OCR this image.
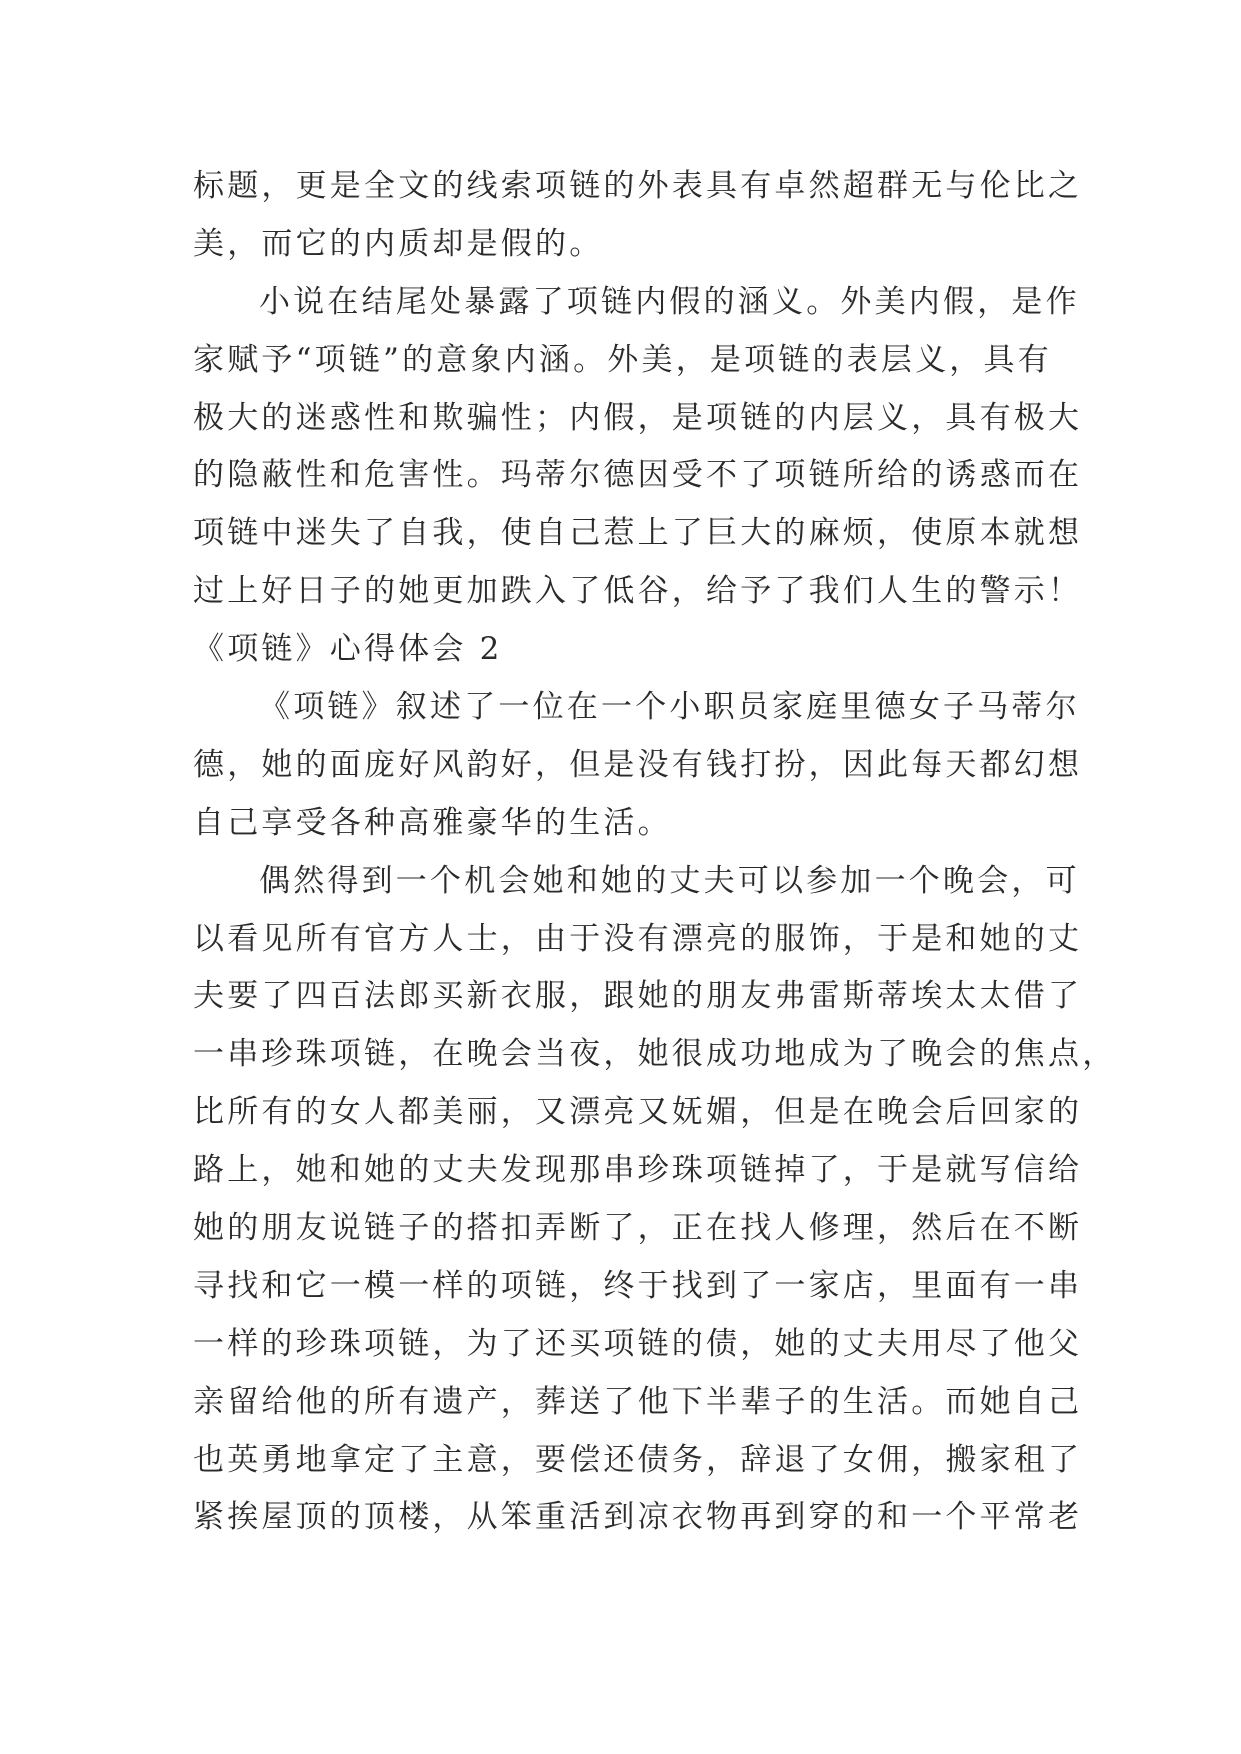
标题，更是全文的线索项链的外表具有卓然超群无与伦比之
美，而它的内质却是假的。
小说在结尾处暴露了项链内假的涵义。外美内假，是作
家赋予“项链”的意象内涵。外美，是项链的表层义，具有
极大的迷惑性和欺骗性；内假，是项链的内层义，具有极大
的隐蔽性和危害性。玛蒂尔德因受不了项链所给的诱惑而在
项链中迷失了自我，使自己惹上了巨大的麻烦，使原本就想
过上好日子的她更加跌入了低谷，给予了我们人生的警示！
《项链》心得体会 2
《项链》叙述了一位在一个小职员家庭里德女子马蒂尔
德，她的面庞好风韵好，但是没有钱打扮，因此每天都幻想
自己享受各种高雅豪华的生活。
偶然得到一个机会她和她的丈夫可以参加一个晚会，可
以看见所有官方人士，由于没有漂亮的服饰，于是和她的丈
夫要了四百法郎买新衣服，跟她的朋友弗雷斯蒂埃太太借了
一串珍珠项链，在晚会当夜，她很成功地成为了晚会的焦点，
比所有的女人都美丽，又漂亮又妩媚，但是在晚会后回家的
路上，她和她的丈夫发现那串珍珠项链掉了，于是就写信给
她的朋友说链子的搭扣弄断了，正在找人修理，然后在不断
寻找和它一模一样的项链，终于找到了一家店，里面有一串
一样的珍珠项链，为了还买项链的债，她的丈夫用尽了他父
亲留给他的所有遗产，葬送了他下半辈子的生活。而她自己
也英勇地拿定了主意，要偿还债务，辞退了女佣，搬家租了
紧挨屋顶的顶楼，从笨重活到凉衣物再到穿的和一个平常老
